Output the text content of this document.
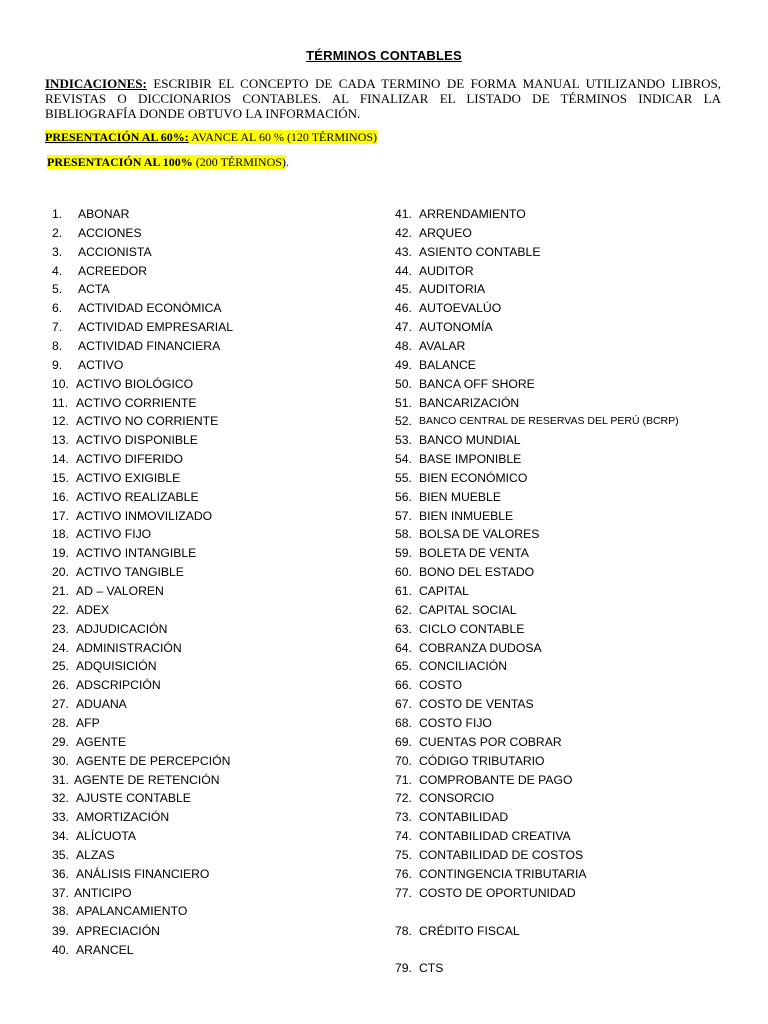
TÉRMINOS CONTABLES
INDICACIONES: ESCRIBIR EL CONCEPTO DE CADA TERMINO DE FORMA MANUAL UTILIZANDO LIBROS, REVISTAS O DICCIONARIOS CONTABLES. AL FINALIZAR EL LISTADO DE TÉRMINOS INDICAR LA BIBLIOGRAFÍA DONDE OBTUVO LA INFORMACIÓN.
PRESENTACIÓN AL 60%: AVANCE AL 60 % (120 TÉRMINOS)
PRESENTACIÓN AL 100% (200 TÉRMINOS).
1. ABONAR
2. ACCIONES
3. ACCIONISTA
4. ACREEDOR
5. ACTA
6. ACTIVIDAD ECONÓMICA
7. ACTIVIDAD EMPRESARIAL
8. ACTIVIDAD FINANCIERA
9. ACTIVO
10. ACTIVO BIOLÓGICO
11. ACTIVO CORRIENTE
12. ACTIVO NO CORRIENTE
13. ACTIVO DISPONIBLE
14. ACTIVO DIFERIDO
15. ACTIVO EXIGIBLE
16. ACTIVO REALIZABLE
17. ACTIVO INMOVILIZADO
18. ACTIVO FIJO
19. ACTIVO INTANGIBLE
20. ACTIVO TANGIBLE
21. AD – VALOREN
22. ADEX
23. ADJUDICACIÓN
24. ADMINISTRACIÓN
25. ADQUISICIÓN
26. ADSCRIPCIÓN
27. ADUANA
28. AFP
29. AGENTE
30. AGENTE DE PERCEPCIÓN
31. AGENTE DE RETENCIÓN
32. AJUSTE CONTABLE
33. AMORTIZACIÓN
34. ALÍCUOTA
35. ALZAS
36. ANÁLISIS FINANCIERO
37. ANTICIPO
38. APALANCAMIENTO
39. APRECIACIÓN
40. ARANCEL
41. ARRENDAMIENTO
42. ARQUEO
43. ASIENTO CONTABLE
44. AUDITOR
45. AUDITORIA
46. AUTOEVALÚO
47. AUTONOMÍA
48. AVALAR
49. BALANCE
50. BANCA OFF SHORE
51. BANCARIZACIÓN
52. BANCO CENTRAL DE RESERVAS DEL PERÚ (BCRP)
53. BANCO MUNDIAL
54. BASE IMPONIBLE
55. BIEN ECONÓMICO
56. BIEN MUEBLE
57. BIEN INMUEBLE
58. BOLSA DE VALORES
59. BOLETA DE VENTA
60. BONO DEL ESTADO
61. CAPITAL
62. CAPITAL SOCIAL
63. CICLO CONTABLE
64. COBRANZA DUDOSA
65. CONCILIACIÓN
66. COSTO
67. COSTO DE VENTAS
68. COSTO FIJO
69. CUENTAS POR COBRAR
70. CÓDIGO TRIBUTARIO
71. COMPROBANTE DE PAGO
72. CONSORCIO
73. CONTABILIDAD
74. CONTABILIDAD CREATIVA
75. CONTABILIDAD DE COSTOS
76. CONTINGENCIA TRIBUTARIA
77. COSTO DE OPORTUNIDAD
78. CRÉDITO FISCAL
79. CTS
